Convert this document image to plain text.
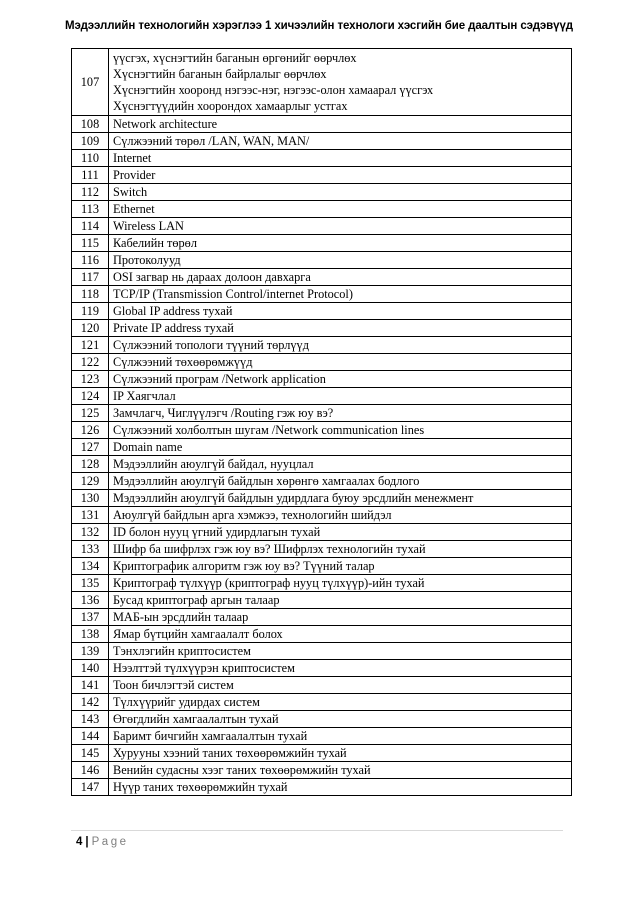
Мэдээллийн технологийн хэрэглээ 1 хичээлийн технологи хэсгийн бие даалтын сэдэвүүд
107	үүсгэх, хүснэгтийн баганын өргөнийг өөрчлөх
Хүснэгтийн баганын байрлалыг өөрчлөх
Хүснэгтийн хооронд нэгээс-нэг, нэгээс-олон хамаарал үүсгэх
Хүснэгтүүдийн хоорондох хамаарлыг устгах

108	Network architecture
109	Сүлжээний төрөл /LAN, WAN, MAN/
110	Internet
111	Provider
112	Switch
113	Ethernet
114	Wireless LAN
115	Кабелийн төрөл
116	Протоколууд
117	OSI загвар нь дараах долоон давхарга
118	TCP/IP (Transmission Control/internet Protocol)
119	Global IP address тухай
120	Private IP address тухай
121	Сүлжээний топологи түүний төрлүүд
122	Сүлжээний төхөөрөмжүүд
123	Сүлжээний програм /Network application
124	IP Хаягчлал
125	Замчлагч, Чиглүүлэгч /Routing гэж юу вэ?
126	Сүлжээний холболтын шугам /Network communication lines
127	Domain name
128	Мэдээллийн аюулгүй байдал, нууцлал
129	Мэдээллийн аюулгүй байдлын хөрөнгө хамгаалах бодлого
130	Мэдээллийн аюулгүй байдлын удирдлага буюу эрсдлийн менежмент
131	Аюулгүй байдлын арга хэмжээ, технологийн шийдэл
132	ID болон нууц үгний удирдлагын тухай
133	Шифр ба шифрлэх гэж юу вэ? Шифрлэх технологийн тухай
134	Криптографик алгоритм гэж юу вэ? Түүний талар
135	Криптограф түлхүүр (криптограф нууц түлхүүр)-ийн тухай
136	Бусад криптограф аргын талаар
137	МАБ-ын эрсдлийн талаар
138	Ямар бүтцийн хамгаалалт болох
139	Тэнхлэгийн криптосистем
140	Нээлттэй түлхүүрэн криптосистем
141	Тоон бичлэгтэй систем
142	Түлхүүрийг удирдах систем
143	Өгөгдлийн хамгаалалтын тухай
144	Баримт бичгийн хамгаалалтын тухай
145	Хурууны хээний таних төхөөрөмжийн тухай
146	Венийн судасны хээг таних төхөөрөмжийн тухай
147	Нүүр таних төхөөрөмжийн тухай
4 | Page
